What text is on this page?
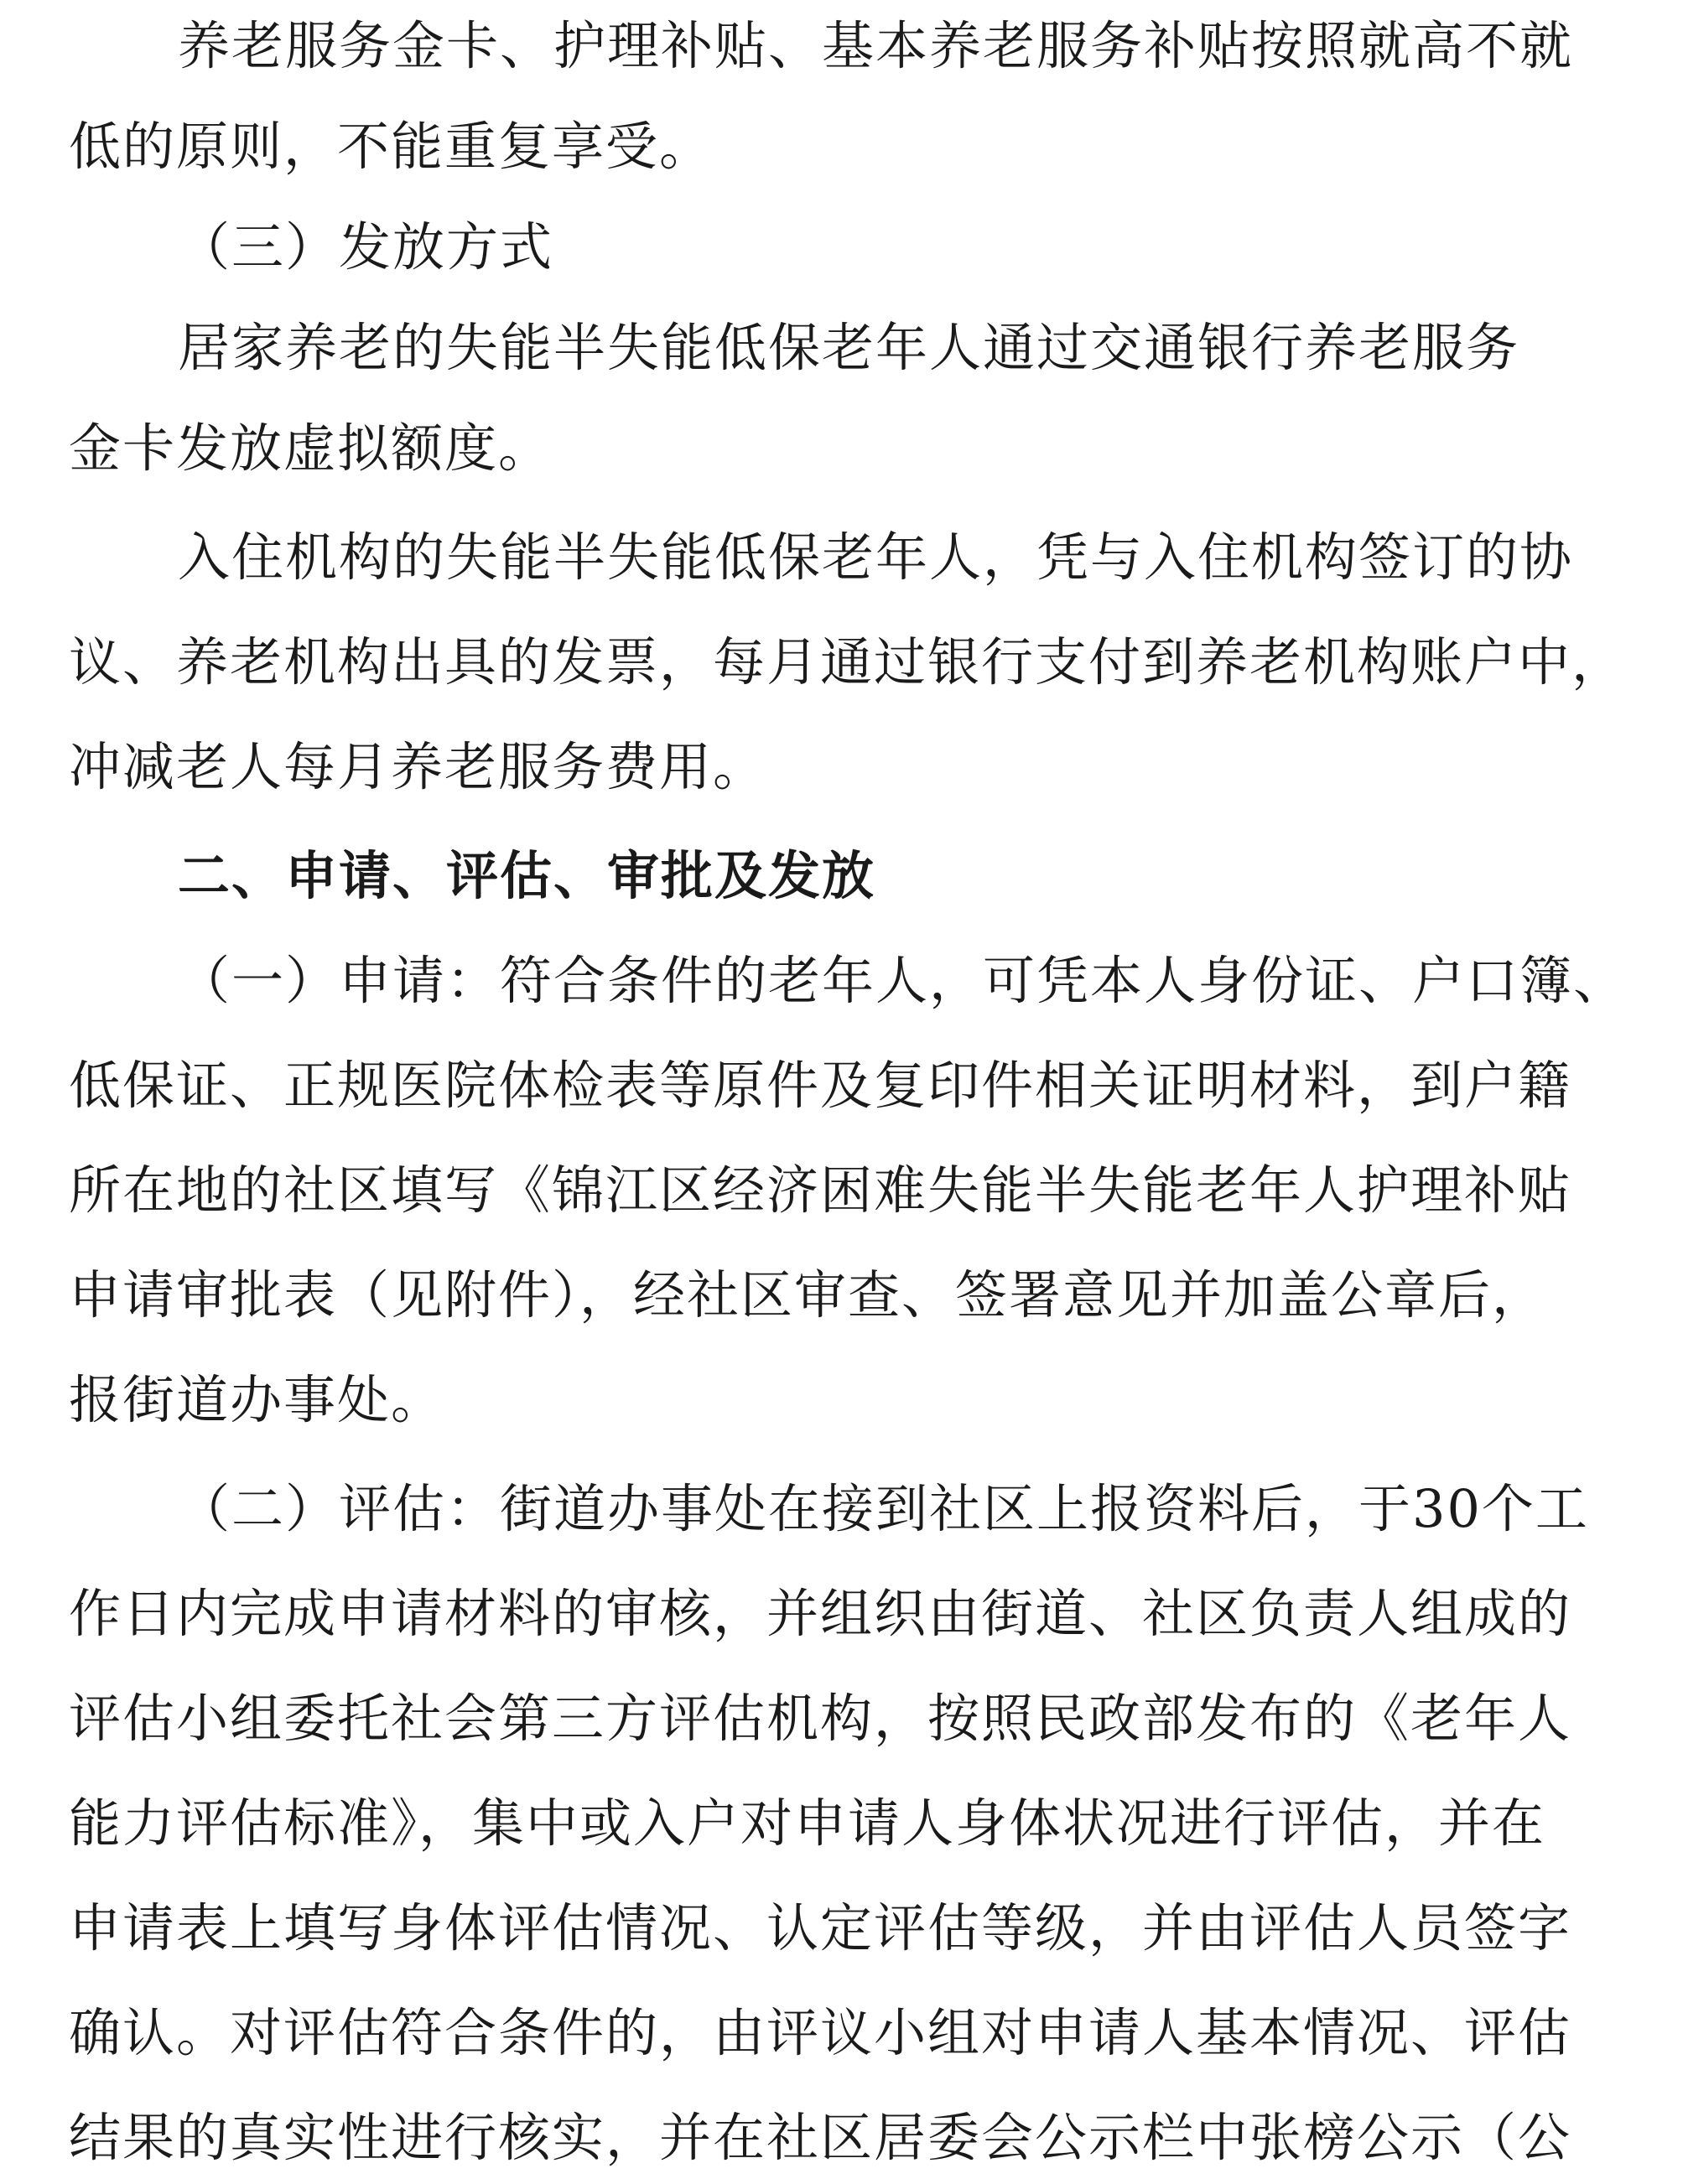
养老服务金卡、护理补贴、基本养老服务补贴按照就高不就
低的原则，不能重复享受。
（三）发放方式
居家养老的失能半失能低保老年人通过交通银行养老服务
金卡发放虚拟额度。
入住机构的失能半失能低保老年人，凭与入住机构签订的协
议、养老机构出具的发票，每月通过银行支付到养老机构账户中，
冲减老人每月养老服务费用。
二、申请、评估、审批及发放
（一）申请：符合条件的老年人，可凭本人身份证、户口簿、
低保证、正规医院体检表等原件及复印件相关证明材料，到户籍
所在地的社区填写《锦江区经济困难失能半失能老年人护理补贴
申请审批表（见附件），经社区审查、签署意见并加盖公章后，
报街道办事处。
（二）评估：街道办事处在接到社区上报资料后，于30个工
作日内完成申请材料的审核，并组织由街道、社区负责人组成的
评估小组委托社会第三方评估机构，按照民政部发布的《老年人
能力评估标准》，集中或入户对申请人身体状况进行评估，并在
申请表上填写身体评估情况、认定评估等级，并由评估人员签字
确认。对评估符合条件的，由评议小组对申请人基本情况、评估
结果的真实性进行核实，并在社区居委会公示栏中张榜公示（公
